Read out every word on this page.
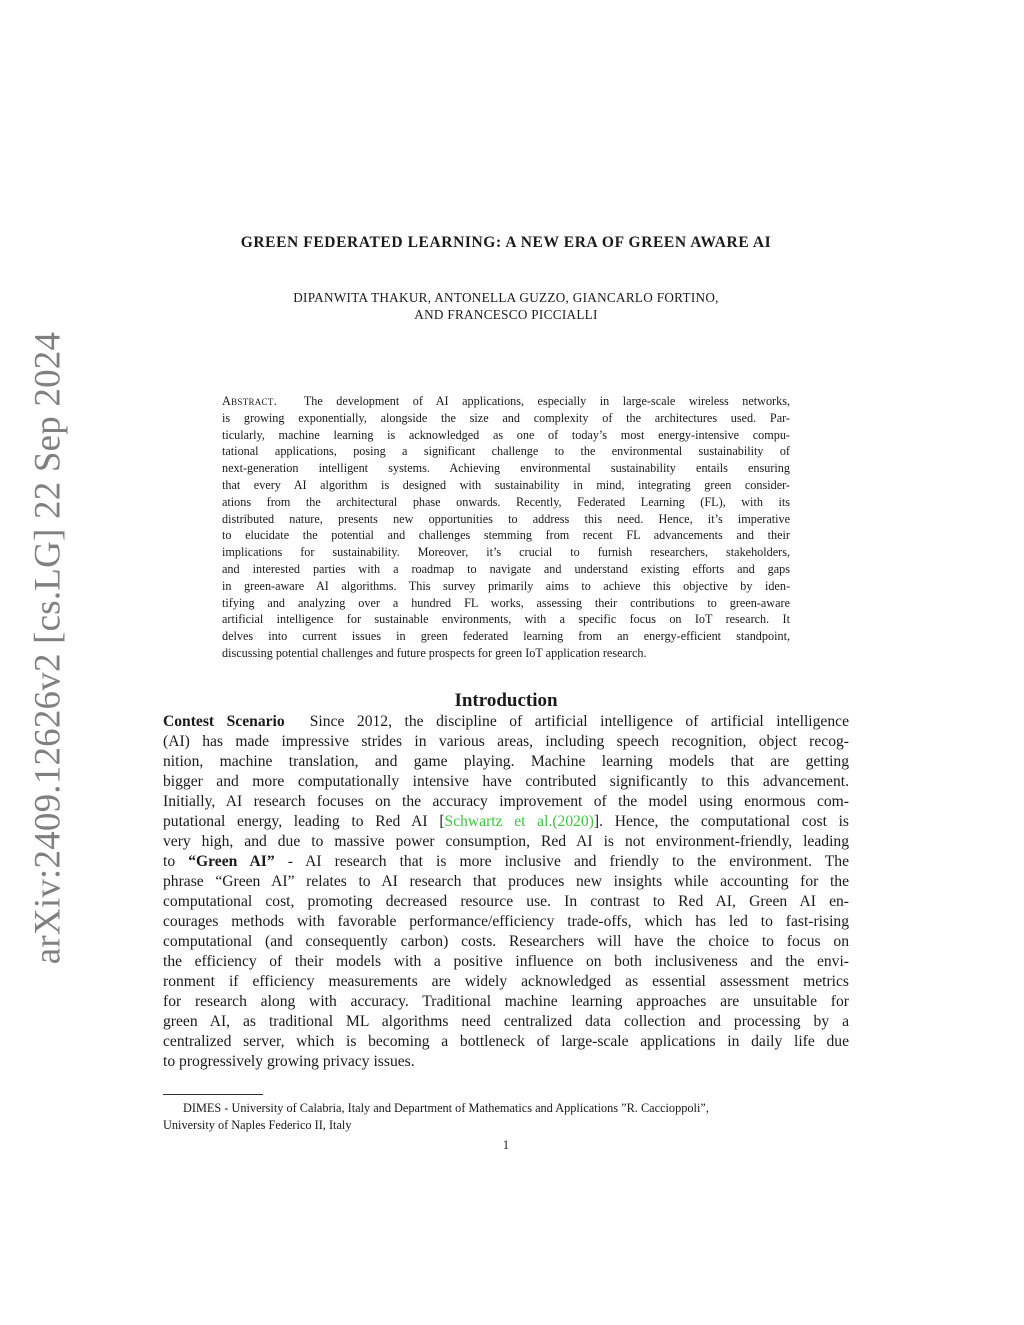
arXiv:2409.12626v2 [cs.LG] 22 Sep 2024
GREEN FEDERATED LEARNING: A NEW ERA OF GREEN AWARE AI
DIPANWITA THAKUR, ANTONELLA GUZZO, GIANCARLO FORTINO,
AND FRANCESCO PICCIALLI
Abstract. The development of AI applications, especially in large-scale wireless networks,
is growing exponentially, alongside the size and complexity of the architectures used. Par-
ticularly, machine learning is acknowledged as one of today’s most energy-intensive compu-
tational applications, posing a significant challenge to the environmental sustainability of
next-generation intelligent systems. Achieving environmental sustainability entails ensuring
that every AI algorithm is designed with sustainability in mind, integrating green consider-
ations from the architectural phase onwards. Recently, Federated Learning (FL), with its
distributed nature, presents new opportunities to address this need. Hence, it’s imperative
to elucidate the potential and challenges stemming from recent FL advancements and their
implications for sustainability. Moreover, it’s crucial to furnish researchers, stakeholders,
and interested parties with a roadmap to navigate and understand existing efforts and gaps
in green-aware AI algorithms. This survey primarily aims to achieve this objective by iden-
tifying and analyzing over a hundred FL works, assessing their contributions to green-aware
artificial intelligence for sustainable environments, with a specific focus on IoT research. It
delves into current issues in green federated learning from an energy-efficient standpoint,
discussing potential challenges and future prospects for green IoT application research.
Introduction
Contest Scenario Since 2012, the discipline of artificial intelligence of artificial intelligence
(AI) has made impressive strides in various areas, including speech recognition, object recog-
nition, machine translation, and game playing. Machine learning models that are getting
bigger and more computationally intensive have contributed significantly to this advancement.
Initially, AI research focuses on the accuracy improvement of the model using enormous com-
putational energy, leading to Red AI [Schwartz et al.(2020)]. Hence, the computational cost is
very high, and due to massive power consumption, Red AI is not environment-friendly, leading
to “Green AI” - AI research that is more inclusive and friendly to the environment. The
phrase “Green AI” relates to AI research that produces new insights while accounting for the
computational cost, promoting decreased resource use. In contrast to Red AI, Green AI en-
courages methods with favorable performance/efficiency trade-offs, which has led to fast-rising
computational (and consequently carbon) costs. Researchers will have the choice to focus on
the efficiency of their models with a positive influence on both inclusiveness and the envi-
ronment if efficiency measurements are widely acknowledged as essential assessment metrics
for research along with accuracy. Traditional machine learning approaches are unsuitable for
green AI, as traditional ML algorithms need centralized data collection and processing by a
centralized server, which is becoming a bottleneck of large-scale applications in daily life due
to progressively growing privacy issues.
DIMES - University of Calabria, Italy and Department of Mathematics and Applications ”R. Caccioppoli”,
University of Naples Federico II, Italy
1
